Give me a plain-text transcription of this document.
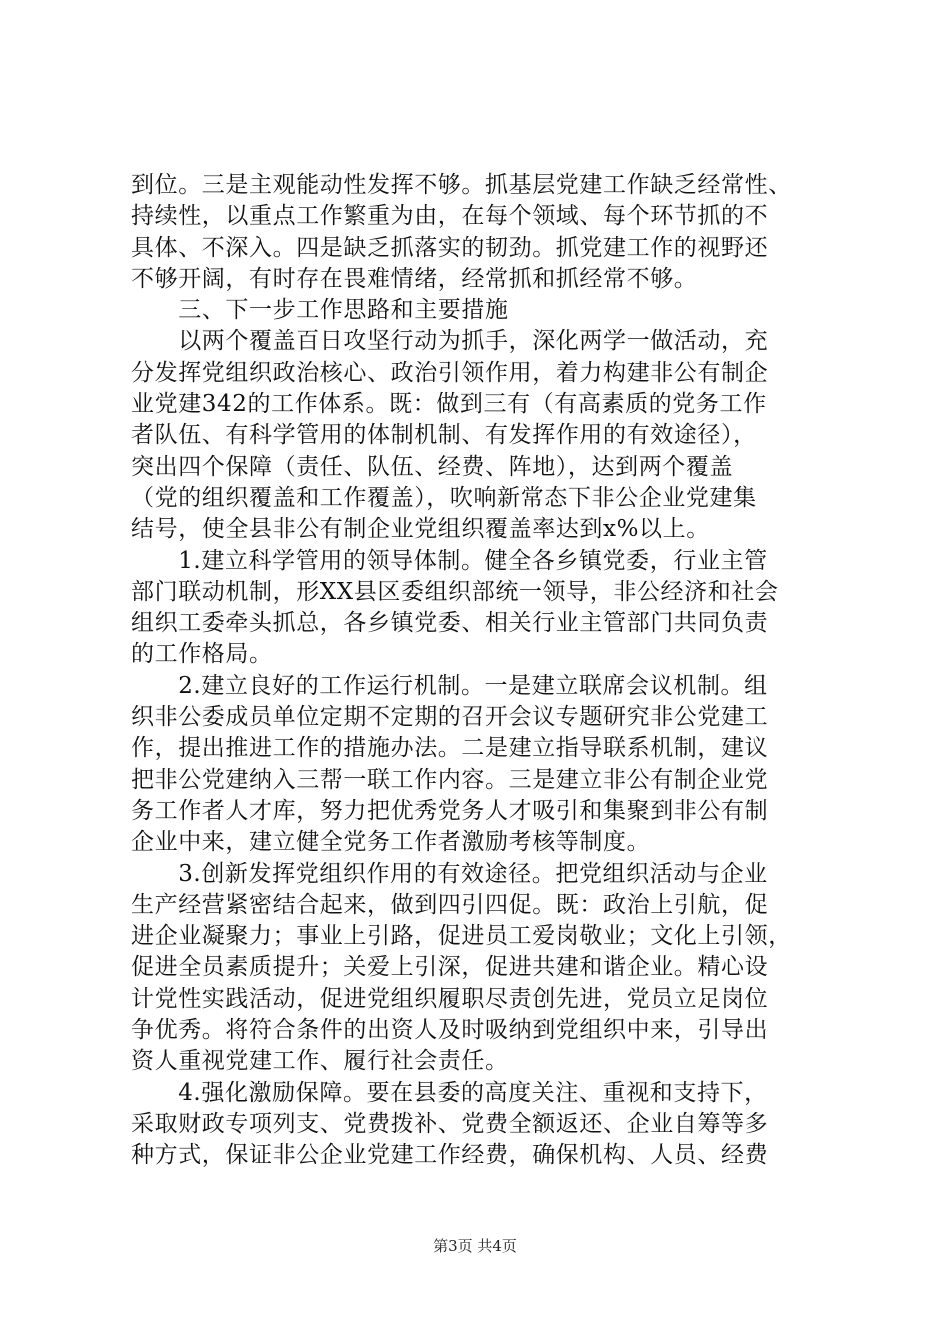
到位。三是主观能动性发挥不够。抓基层党建工作缺乏经常性、
持续性，以重点工作繁重为由，在每个领域、每个环节抓的不
具体、不深入。四是缺乏抓落实的韧劲。抓党建工作的视野还
不够开阔，有时存在畏难情绪，经常抓和抓经常不够。
　　三、下一步工作思路和主要措施
　　以两个覆盖百日攻坚行动为抓手，深化两学一做活动，充
分发挥党组织政治核心、政治引领作用，着力构建非公有制企
业党建342的工作体系。既：做到三有（有高素质的党务工作
者队伍、有科学管用的体制机制、有发挥作用的有效途径），
突出四个保障（责任、队伍、经费、阵地），达到两个覆盖
（党的组织覆盖和工作覆盖），吹响新常态下非公企业党建集
结号，使全县非公有制企业党组织覆盖率达到x%以上。
　　1.建立科学管用的领导体制。健全各乡镇党委，行业主管
部门联动机制，形XX县区委组织部统一领导，非公经济和社会
组织工委牵头抓总，各乡镇党委、相关行业主管部门共同负责
的工作格局。
　　2.建立良好的工作运行机制。一是建立联席会议机制。组
织非公委成员单位定期不定期的召开会议专题研究非公党建工
作，提出推进工作的措施办法。二是建立指导联系机制，建议
把非公党建纳入三帮一联工作内容。三是建立非公有制企业党
务工作者人才库，努力把优秀党务人才吸引和集聚到非公有制
企业中来，建立健全党务工作者激励考核等制度。
　　3.创新发挥党组织作用的有效途径。把党组织活动与企业
生产经营紧密结合起来，做到四引四促。既：政治上引航，促
进企业凝聚力；事业上引路，促进员工爱岗敬业；文化上引领，
促进全员素质提升；关爱上引深，促进共建和谐企业。精心设
计党性实践活动，促进党组织履职尽责创先进，党员立足岗位
争优秀。将符合条件的出资人及时吸纳到党组织中来，引导出
资人重视党建工作、履行社会责任。
　　4.强化激励保障。要在县委的高度关注、重视和支持下，
采取财政专项列支、党费拨补、党费全额返还、企业自筹等多
种方式，保证非公企业党建工作经费，确保机构、人员、经费
第3页 共4页
